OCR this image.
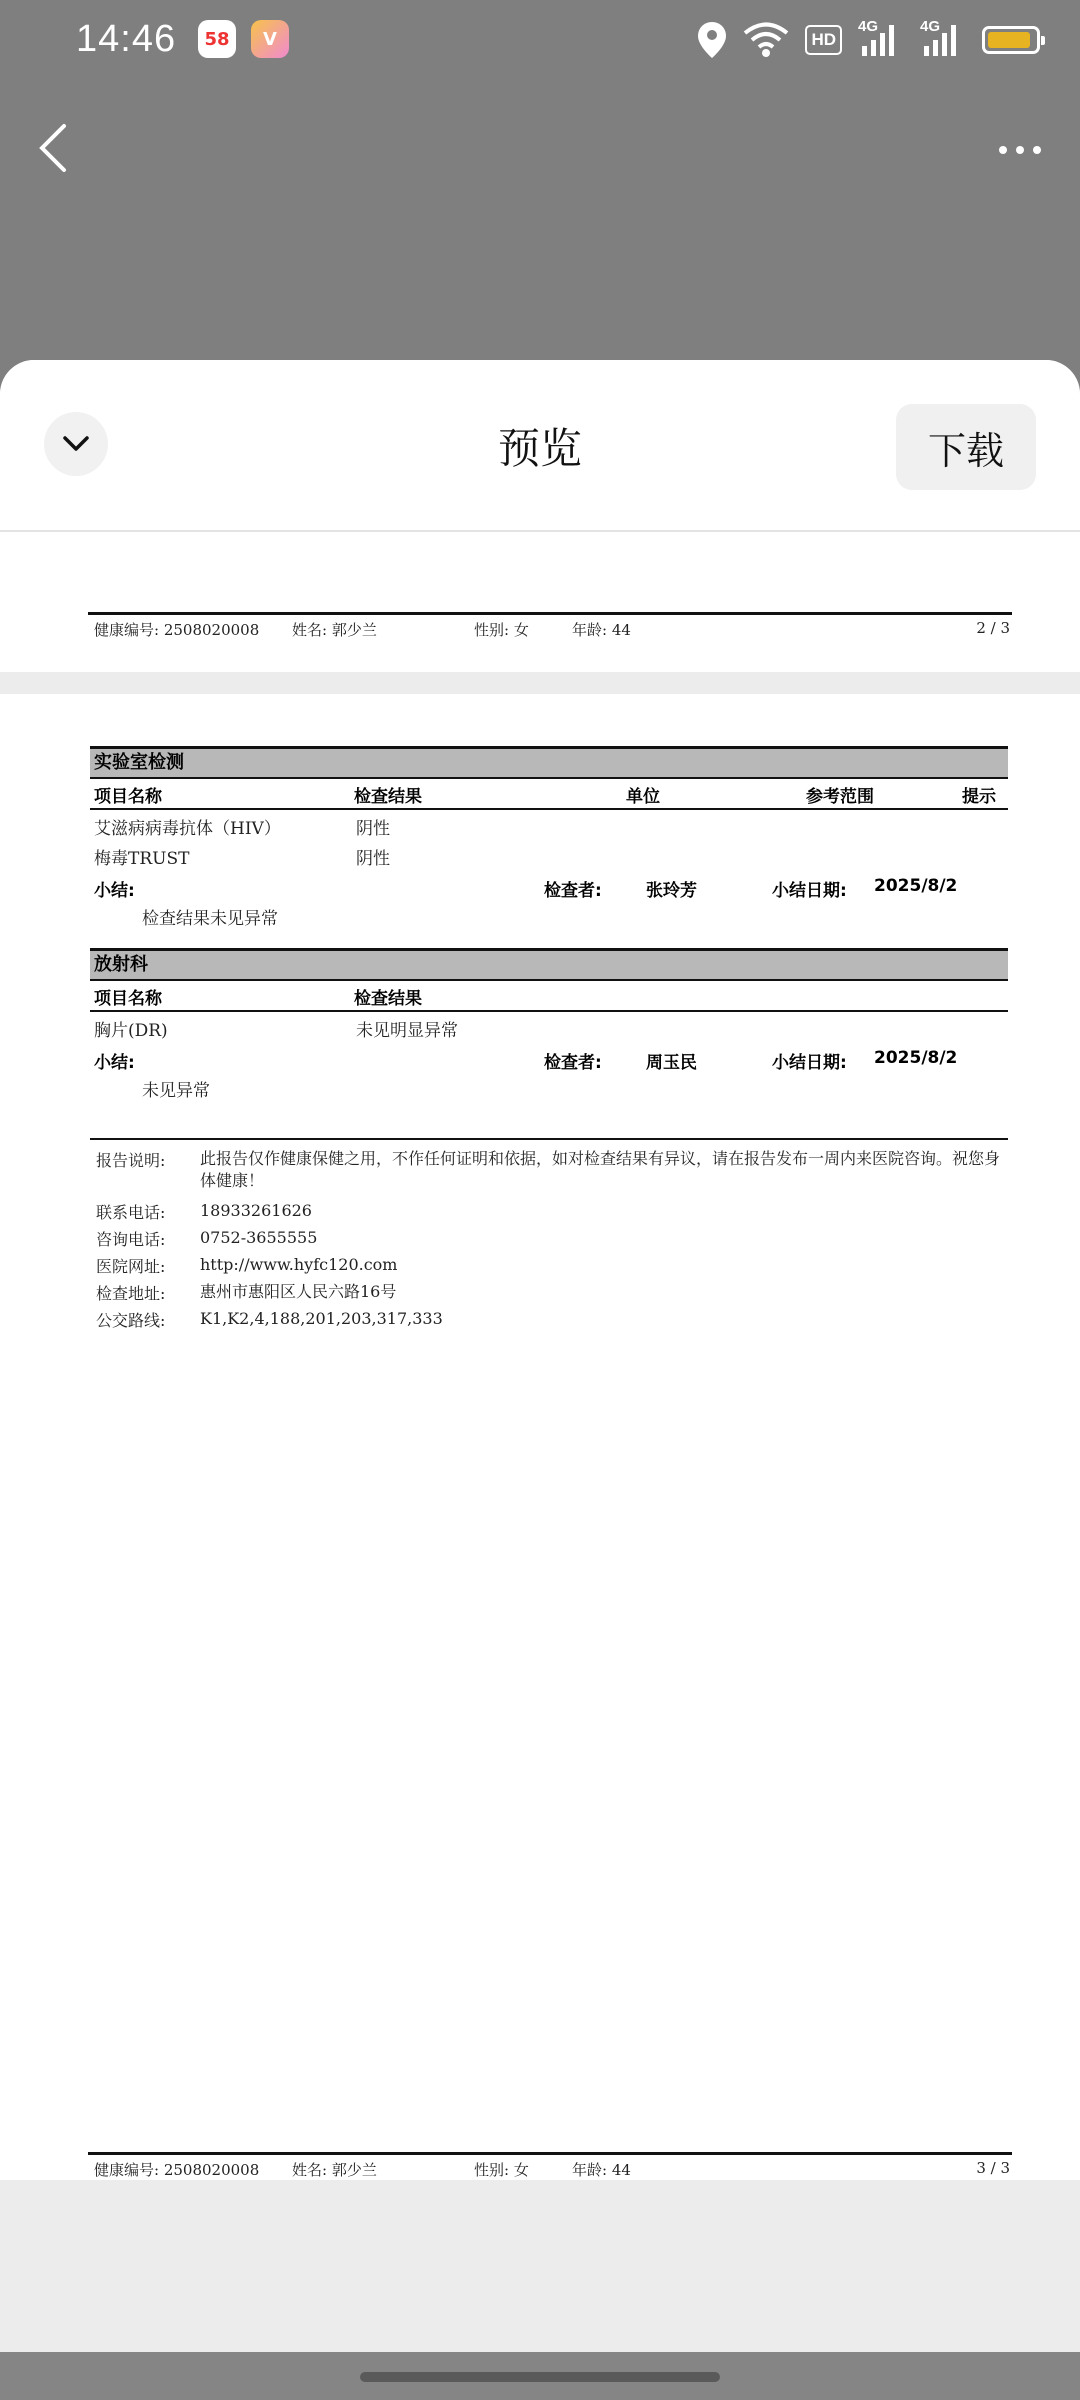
14:46	58	V	HD
4G	4G
预览	下载
健康编号: 2508020008 姓名: 郭少兰	性别: 女	年龄: 44	2 / 3
实验室检测
项目名称	检查结果	单位	参考范围	提示
艾滋病病毒抗体（HIV）	阴性
梅毒TRUST	阴性
小结:	检查者:	张玲芳	小结日期: 2025/8/2
检查结果未见异常
放射科
项目名称	检查结果
胸片(DR)	未见明显异常
小结:	检查者:	周玉民	小结日期: 2025/8/2
未见异常
报告说明: 此报告仅作健康保健之用，不作任何证明和依据，如对检查结果有异议，请在报告发布一周内来医院咨询。祝您身体健康！
联系电话: 18933261626
咨询电话: 0752-3655555
医院网址: http://www.hyfc120.com
检查地址: 惠州市惠阳区人民六路16号
公交路线: K1,K2,4,188,201,203,317,333
健康编号: 2508020008 姓名: 郭少兰	性别: 女	年龄: 44	3 / 3
